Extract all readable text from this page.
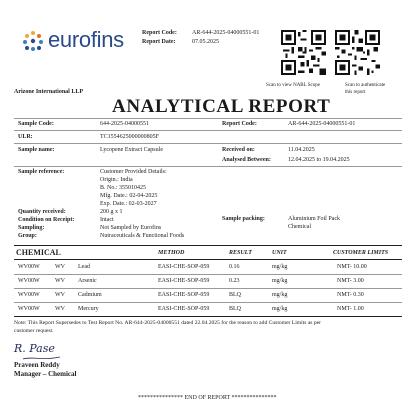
eurofins	Report Code:	AR-644-2025-04000551-01
Report Date:	07.05.2025
Scan to view NABL Scope	Scan to authenticate
this report
Arizone International LLP
ANALYTICAL REPORT
Sample Code:	644-2025-04000551	Report Code:	AR-644-2025-04000551-01
ULR:	TC1554625000000805F
Sample name:	Lycopene Extract Capsule	Received on:	11.04.2025
Analysed Between:	12.04.2025 to 19.04.2025
Sample reference:	Customer Provided Details:
Origin.: India
B. No.: 355010425
Mfg. Date.: 02-04-2025
Exp. Date.: 02-03-2027
Quantity received:	200 g x 1
Condition on Receipt:	Intact	Sample packing:	Aluminium Foil Pack
Sampling:	Not Sampled by Eurofins	Chemical
Group:	Nutraceuticals & Functional Foods
CHEMICAL	METHOD	RESULT	UNIT	CUSTOMER LIMITS
WV00W	WV Lead	EASI-CHE-SOP-059	0.16	mg/kg	NMT- 10.00
WV00W	WV Arsenic	EASI-CHE-SOP-059	0.23	mg/kg	NMT- 3.00
WV00W	WV Cadmium	EASI-CHE-SOP-059	BLQ	mg/kg	NMT- 0.30
WV00W	WV Mercury	EASI-CHE-SOP-059	BLQ	mg/kg	NMT- 1.00
Note: This Report Supersedes to Test Report No. AR-644-2025-04000551 dated 22.04.2025 for the reason to add Customer Limits as per
customer request.
R. Pase
Praveen Reddy
Manager – Chemical
*************** END OF REPORT ***************
